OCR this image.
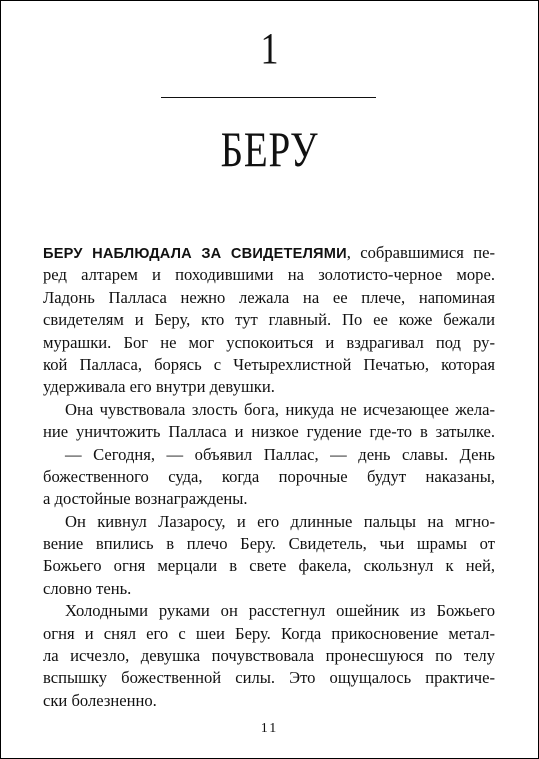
1
БЕРУ
БЕРУ НАБЛЮДАЛА ЗА СВИДЕТЕЛЯМИ, собравшимися пе-
ред алтарем и походившими на золотисто-черное море.
Ладонь Палласа нежно лежала на ее плече, напоминая
свидетелям и Беру, кто тут главный. По ее коже бежали
мурашки. Бог не мог успокоиться и вздрагивал под ру-
кой Палласа, борясь с Четырехлистной Печатью, которая
удерживала его внутри девушки.
Она чувствовала злость бога, никуда не исчезающее жела-
ние уничтожить Палласа и низкое гудение где-то в затылке.
— Сегодня, — объявил Паллас, — день славы. День
божественного суда, когда порочные будут наказаны,
а достойные вознаграждены.
Он кивнул Лазаросу, и его длинные пальцы на мгно-
вение впились в плечо Беру. Свидетель, чьи шрамы от
Божьего огня мерцали в свете факела, скользнул к ней,
словно тень.
Холодными руками он расстегнул ошейник из Божьего
огня и снял его с шеи Беру. Когда прикосновение метал-
ла исчезло, девушка почувствовала пронесшуюся по телу
вспышку божественной силы. Это ощущалось практиче-
ски болезненно.
11
